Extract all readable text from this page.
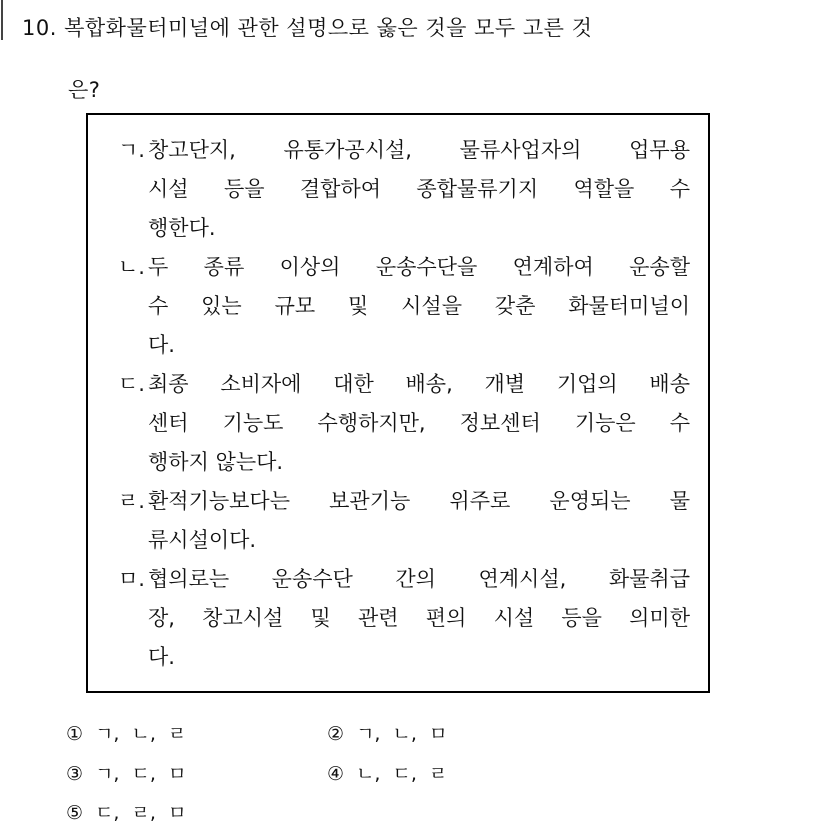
10. 복합화물터미널에 관한 설명으로 옳은 것을 모두 고른 것
은?
ㄱ. 창고단지, 유통가공시설, 물류사업자의 업무용
시설 등을 결합하여 종합물류기지 역할을 수
행한다.
ㄴ. 두 종류 이상의 운송수단을 연계하여 운송할
수 있는 규모 및 시설을 갖춘 화물터미널이
다.
ㄷ. 최종 소비자에 대한 배송, 개별 기업의 배송
센터 기능도 수행하지만, 정보센터 기능은 수
행하지 않는다.
ㄹ. 환적기능보다는 보관기능 위주로 운영되는 물
류시설이다.
ㅁ. 협의로는 운송수단 간의 연계시설, 화물취급
장, 창고시설 및 관련 편의 시설 등을 의미한
다.
① ㄱ, ㄴ, ㄹ	② ㄱ, ㄴ, ㅁ
③ ㄱ, ㄷ, ㅁ	④ ㄴ, ㄷ, ㄹ
⑤ ㄷ, ㄹ, ㅁ
